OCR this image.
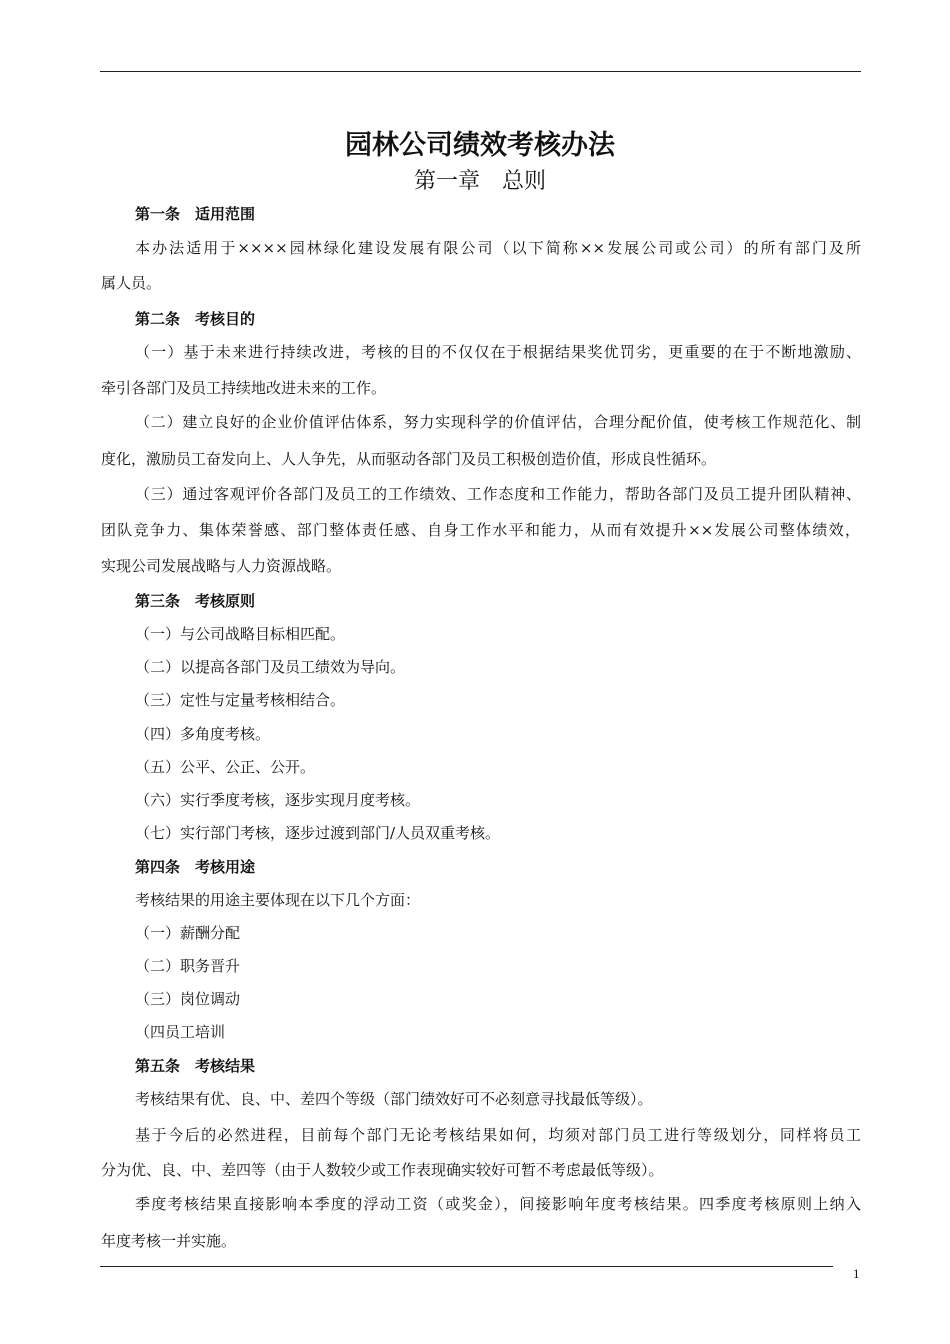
园林公司绩效考核办法
第一章　总则
第一条　适用范围
本办法适用于××××园林绿化建设发展有限公司（以下简称××发展公司或公司）的所有部门及所
属人员。
第二条　考核目的
（一）基于未来进行持续改进，考核的目的不仅仅在于根据结果奖优罚劣，更重要的在于不断地激励、
牵引各部门及员工持续地改进未来的工作。
（二）建立良好的企业价值评估体系，努力实现科学的价值评估，合理分配价值，使考核工作规范化、制
度化，激励员工奋发向上、人人争先，从而驱动各部门及员工积极创造价值，形成良性循环。
（三）通过客观评价各部门及员工的工作绩效、工作态度和工作能力，帮助各部门及员工提升团队精神、
团队竞争力、集体荣誉感、部门整体责任感、自身工作水平和能力，从而有效提升××发展公司整体绩效，
实现公司发展战略与人力资源战略。
第三条　考核原则
（一）与公司战略目标相匹配。
（二）以提高各部门及员工绩效为导向。
（三）定性与定量考核相结合。
（四）多角度考核。
（五）公平、公正、公开。
（六）实行季度考核，逐步实现月度考核。
（七）实行部门考核，逐步过渡到部门/人员双重考核。
第四条　考核用途
考核结果的用途主要体现在以下几个方面：
（一）薪酬分配
（二）职务晋升
（三）岗位调动
（四员工培训
第五条　考核结果
考核结果有优、良、中、差四个等级（部门绩效好可不必刻意寻找最低等级）。
基于今后的必然进程，目前每个部门无论考核结果如何，均须对部门员工进行等级划分，同样将员工
分为优、良、中、差四等（由于人数较少或工作表现确实较好可暂不考虑最低等级）。
季度考核结果直接影响本季度的浮动工资（或奖金），间接影响年度考核结果。四季度考核原则上纳入
年度考核一并实施。
1
